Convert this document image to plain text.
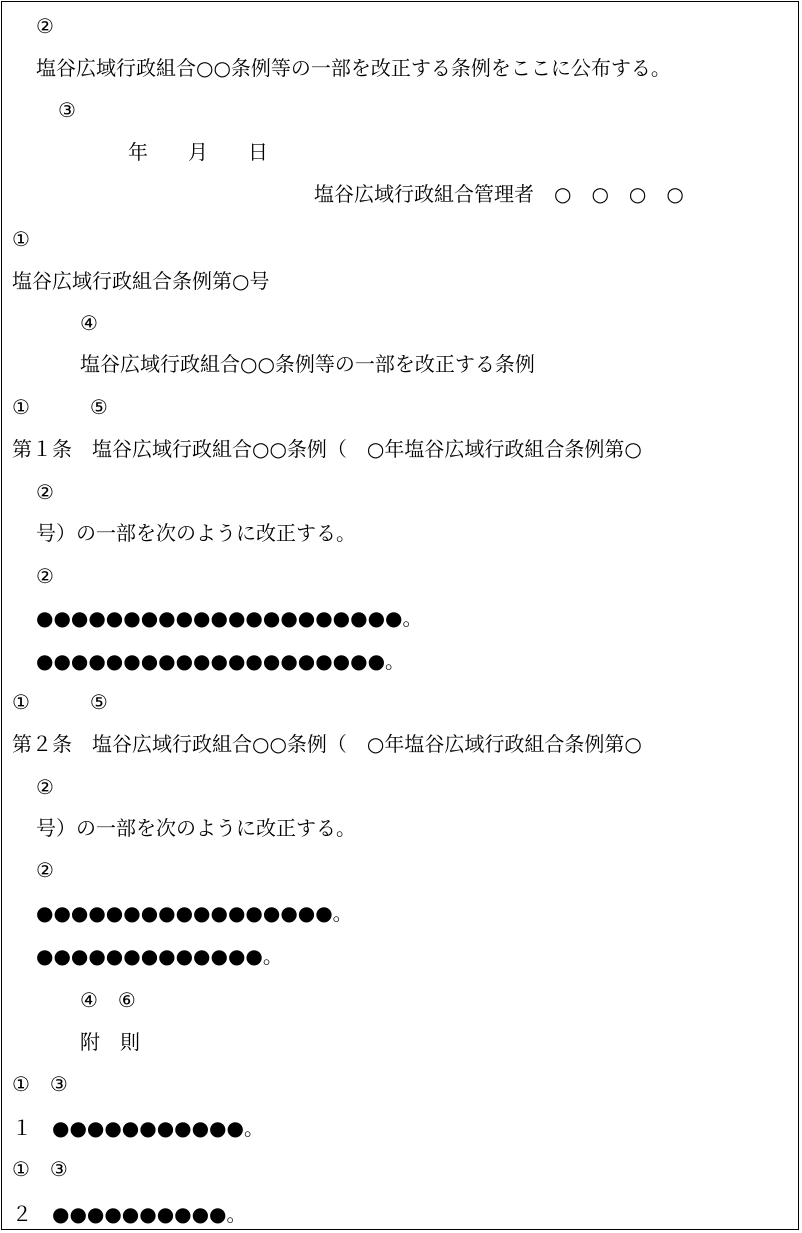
②
塩谷広域行政組合○○条例等の一部を改正する条例をここに公布する。
③
年　　月　　日
塩谷広域行政組合管理者　○　○　○　○
①
塩谷広域行政組合条例第○号
④
塩谷広域行政組合○○条例等の一部を改正する条例
①　　　⑤
第１条　塩谷広域行政組合○○条例（　○年塩谷広域行政組合条例第○
②
号）の一部を次のように改正する。
②
●●●●●●●●●●●●●●●●●●●●●。
●●●●●●●●●●●●●●●●●●●●。
①　　　⑤
第２条　塩谷広域行政組合○○条例（　○年塩谷広域行政組合条例第○
②
号）の一部を次のように改正する。
②
●●●●●●●●●●●●●●●●●。
●●●●●●●●●●●●●。
④　⑥
附　則
①　③
１　●●●●●●●●●●●。
①　③
２　●●●●●●●●●●。
